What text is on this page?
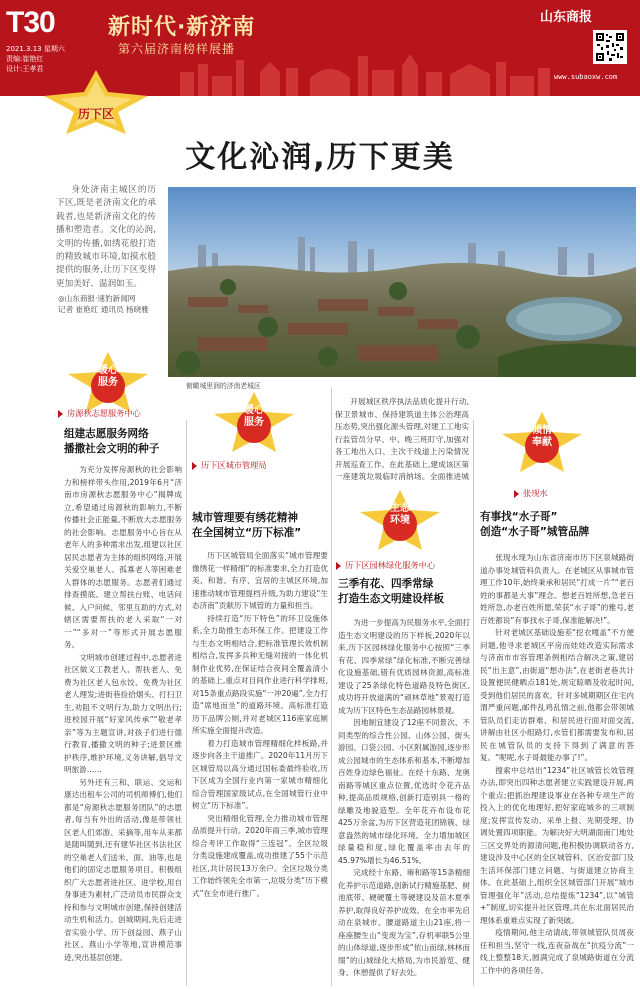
T30
2021.3.13 星期六
责编:崔艳红
设计:王孝君
新时代·新济南
第六届济南榜样展播
山东商报
www.subaoxw.com
历下区
文化沁润,历下更美
身处济南主城区的历下区,既是老济南文化的承载者,也是新济南文化的传播和塑造者。文化的沁润,文明的传播,如绣花般打造的精致城市环境,如摸水般提供的服务,让历下区变得更加美好、温润如玉。
◎山东商报·速豹新闻网
记者 崔艳红 通讯员 杨晓雅
俯瞰城里润的济南老城区
暖心
服务
房源秋志愿服务中心
组建志愿服务网络
播撒社会文明的种子

为充分发挥房源秋的社会影响力和榜样带头作用,2019年6月“济南市房源秋志愿服务中心”揭牌成立,希望通过房源秋的影响力,不断传播社会正能量,不断放大志愿服务的社会影响。志愿服务中心旨在从老年人的多种需求出发,组建以社区居民志愿者为主体的组织网络,开展关爱空巢老人、孤寡老人等困难老人群体的志愿服务。志愿者们通过排查摸底、建立帮扶台账、电话问候、入户问候、邻里互助的方式,对辖区需要帮扶的老人采取“一对一”“多对一”等形式开展志愿服务。

文明城市创建过程中,志愿者进社区做义工教老人、帮扶老人、免费为社区老人包水饺、免费为社区老人理发;进街巷捡拾烟头、打扫卫生,劝阻不文明行为,助力文明出行;进校园开展“好家风传承”“敬老孝亲”等为主题宣讲,对孩子们进行德行教育,播撒文明的种子;进景区维护秩序,维护环境,义务讲解,倡导文明旅游……

另外还有三和、联运、交运和康达出租车公司的司机师傅们,他们都是“房源秋志愿服务团队”的志愿者,每当有外出的活动,像是带领社区老人们郊游、采摘等,用车从来都是随叫随到,还有建华社区书法社区的空巢老人们送米、面、油等,也是他们的固定志愿服务项目。积极组织广大志愿者进社区、进学校,用自身事迹为素材,广泛动员市民群众支持和参与文明城市创建,保持创建活动生机和活力。创城期间,先后走进省实验小学、历下创益园、燕子山社区、燕山小学等地,宣讲模范事迹,突出基层创建。

暖心
服务
历下区城市管理局
城市管理要有绣花精神
在全国树立“历下标准”

历下区城管局全面落实“城市管理要像绣花一样精细”的标准要求,全力打造优美、和谐、有序、宜居的主城区环境,加速推动城市管理提档升级,为助力建设“生态济南”贡献历下城管的力量和担当。

持续打造“历下特色”的环卫设施体系,全力助推生态环保工作。把建设工作与生态文明相结合,把标准管理长效机制相结合,发挥多兵种无缝对接的一体化机制作业优势,在保证结合夜间全覆盖清小的基础上,重点对目间作业进行科学排班,对15条重点路段实施“一冲20遍”,全力打造“席地而坐”的道路环境。高标准打造历下品牌公厕,并对老城区116座家庭厕所实施全面提升改造。

着力打造城市管理精细化样板路,并逐步向各主干道推广。2020年11月历下区城管局以高分通过国标委最终验收,历下区成为全国行业内第一家城市精细化综合管理国家级试点,在全国城管行业中树立“历下标准”。

突出精细化管理,全力推动城市管理品质提升行动。2020年雨三季,城市管理综合考评工作取得“三连冠”。全区垃圾分类设施建成覆盖,成功推建了55个示范社区,共计居民13万余户。全区垃圾分类工作始终领先全市第一,垃圾分类“历下模式”在全市进行推广。

开展城区秩序执法品质化提升行动,保卫景城市、保持建筑道主体公治理高压态势,突出强化源头管理,对建工工地实行监管员分早、中、晚三班盯守,加强对各工地出入口、主次干线道上污染情况开展巡查工作。在此基础上,建成该区第一座建筑垃圾临时消纳场。全面推进城

生态
环境
历下区园林绿化服务中心
三季有花、四季常绿
打造生态文明建设样板

为进一步提高为民服务水平,全面打造生态文明建设的历下样板,2020年以来,历下区园林绿化服务中心按照“三季有花、四季常绿”绿化标准,不断完善绿化设施基础,错有优质园林资源,高标准建设了25条绿化特色道路及特色街区,成功将开放道满的“顽林草地”景观打造成为历下区特色生态品路园林景观。

因地制宜建设了12座不同景次、不同类型的综合性公园、山体公园、街头游园、口袋公园、小区附属游园,逐步形成公园城市的生态体系和基本,不断增加百姓身边绿色福祉。在经十东路、龙奥南路等城区重点位置,优选时令花卉品种,提高品质规格,创新打造别具一格的绿雕及地貌造型。全年花卉布设布花425万余盆,为历下区营造花团锦簇、绿意盎然的城市绿化环境。全力增加城区绿量稳和度,绿化覆盖率由去年的45.97%增长为46.51%。

完成经十东路、雍和路等15条精细化养护示范道路,创新试行精施基肥、树池底带、硬硬覆土等硬建设及苗木夏季养护,取得良好养护成效。在全市率先启动在泉城市、腰道路道主山21座,将一座座腰生山“变废为宝”,存机率联5公里的山体绿道,逐步形成“依山而绿,林林而缀”的山城绿化大格局,为市民游览、健身、休憩提供了好去处。

倾情
奉献
张现水
有事找“水子哥”
创造“水子哥”城管品牌

张现水现为山东省济南市历下区泉城路街道办事处城管科负责人。在老城区从事城市管理工作10年,始终秉承和居民“打成一片”“老百姓的事都是大事”理念。想老百姓所想,急老百姓所急,办老百姓所愿,荣获“水子哥”的雅号,老百姓都说“有事找水子哥,保准能解决!”。

针对老城区基础设施差“挖衣嘎盖”不方便问题,他寻求老城区平房而娃娃改造实际需求与济南市市容管理条例相结合解决之策,建居民“出主意”,由街道“想办法”,在老街老巷共计设置便民健晒点181处,规定晾晒及收起时间,受到他们居民的喜欢。针对多城期期区住宅内渭严重问题,邮件乱鸡乱情之前,他都会带领城管队员们走访群难、和居民进行面对面交流,讲解由社区小组路灯,水管们都需要发布和,居民在城管队员的支持下得到了满意的答复。“呢呢,水子哥最能办事了!”。

搜索中总结出“1234”社区城管长效管理办法,即突出四种志愿者建立实践建设开展,两个重点;把抓治理建设事业在各种专项生产的投入上的优化地理好,把好家庭城乡的三项制度;发挥宣传发动、采单上报、先期受理、协调处置四项职能。为解决好大明湖面南门地处三区交界处的源清问题,他积极协调联动各方,建设涉及中心区的全区城管科、区治安部门及生活环保部门建立问题、与街道建立协商主体。在此基础上,组织全区城管部门开展“城市管理强化年”活动,总结提炼“1234”,以“城管+”制度,切实提升社区管理,共在东北面居民治理体系重难点实现了新突破。

疫情期间,他主动请战,带领城管队员周夜任和担当,坚守一线,连夜奋战在“抗疫分流”一线上整整18天,圆满完成了泉城路街道在分流工作中的各项任务。
